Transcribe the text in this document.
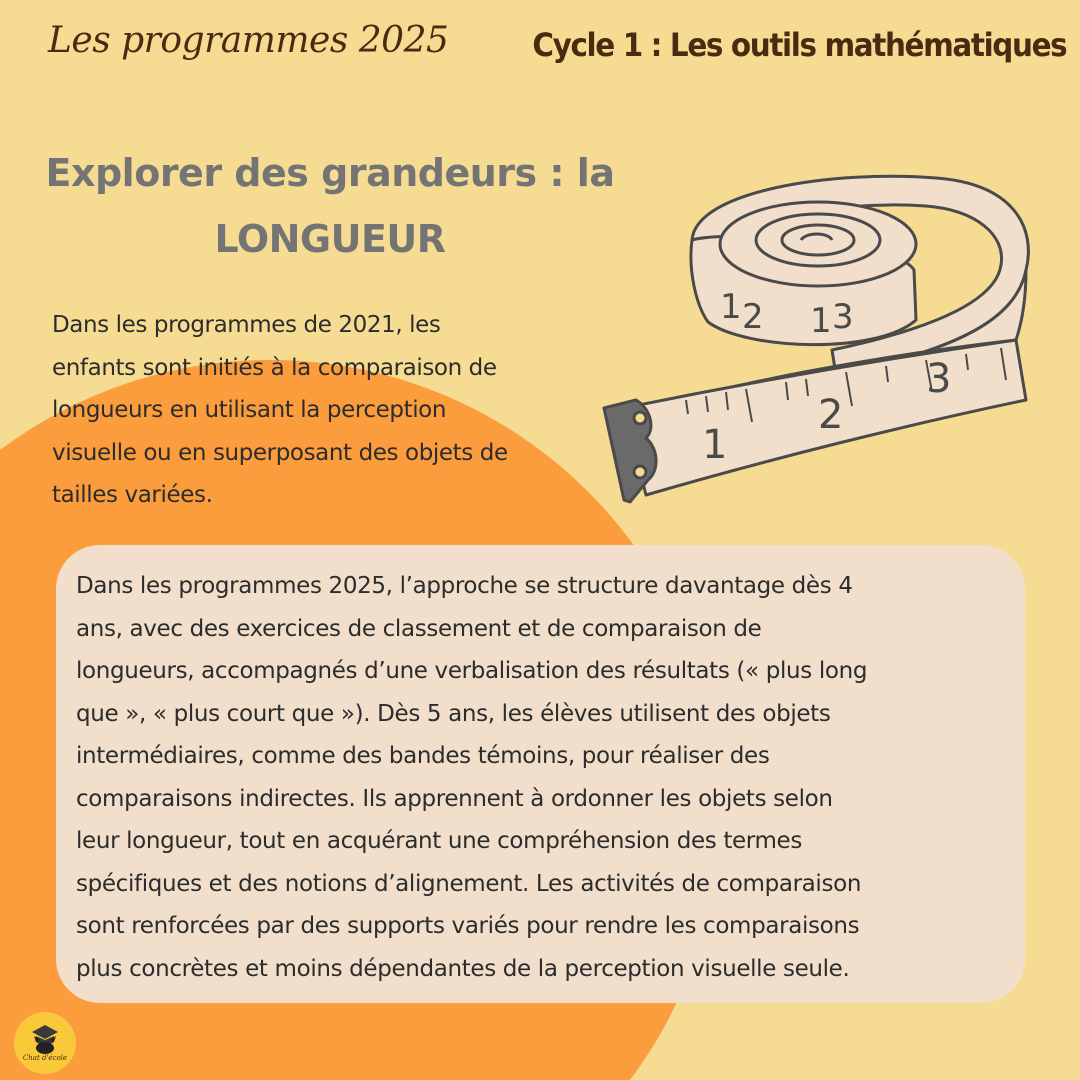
Les programmes 2025	Cycle 1 : Les outils mathématiques
Explorer des grandeurs : la
LONGUEUR
Dans les programmes de 2021, les
enfants sont initiés à la comparaison de
longueurs en utilisant la perception
visuelle ou en superposant des objets de
tailles variées.
1
2
3
1 2 1 3
Dans les programmes 2025, l’approche se structure davantage dès 4
ans, avec des exercices de classement et de comparaison de
longueurs, accompagnés d’une verbalisation des résultats (« plus long
que », « plus court que »). Dès 5 ans, les élèves utilisent des objets
intermédiaires, comme des bandes témoins, pour réaliser des
comparaisons indirectes. Ils apprennent à ordonner les objets selon
leur longueur, tout en acquérant une compréhension des termes
spécifiques et des notions d’alignement. Les activités de comparaison
sont renforcées par des supports variés pour rendre les comparaisons
plus concrètes et moins dépendantes de la perception visuelle seule.
Chat d'école
